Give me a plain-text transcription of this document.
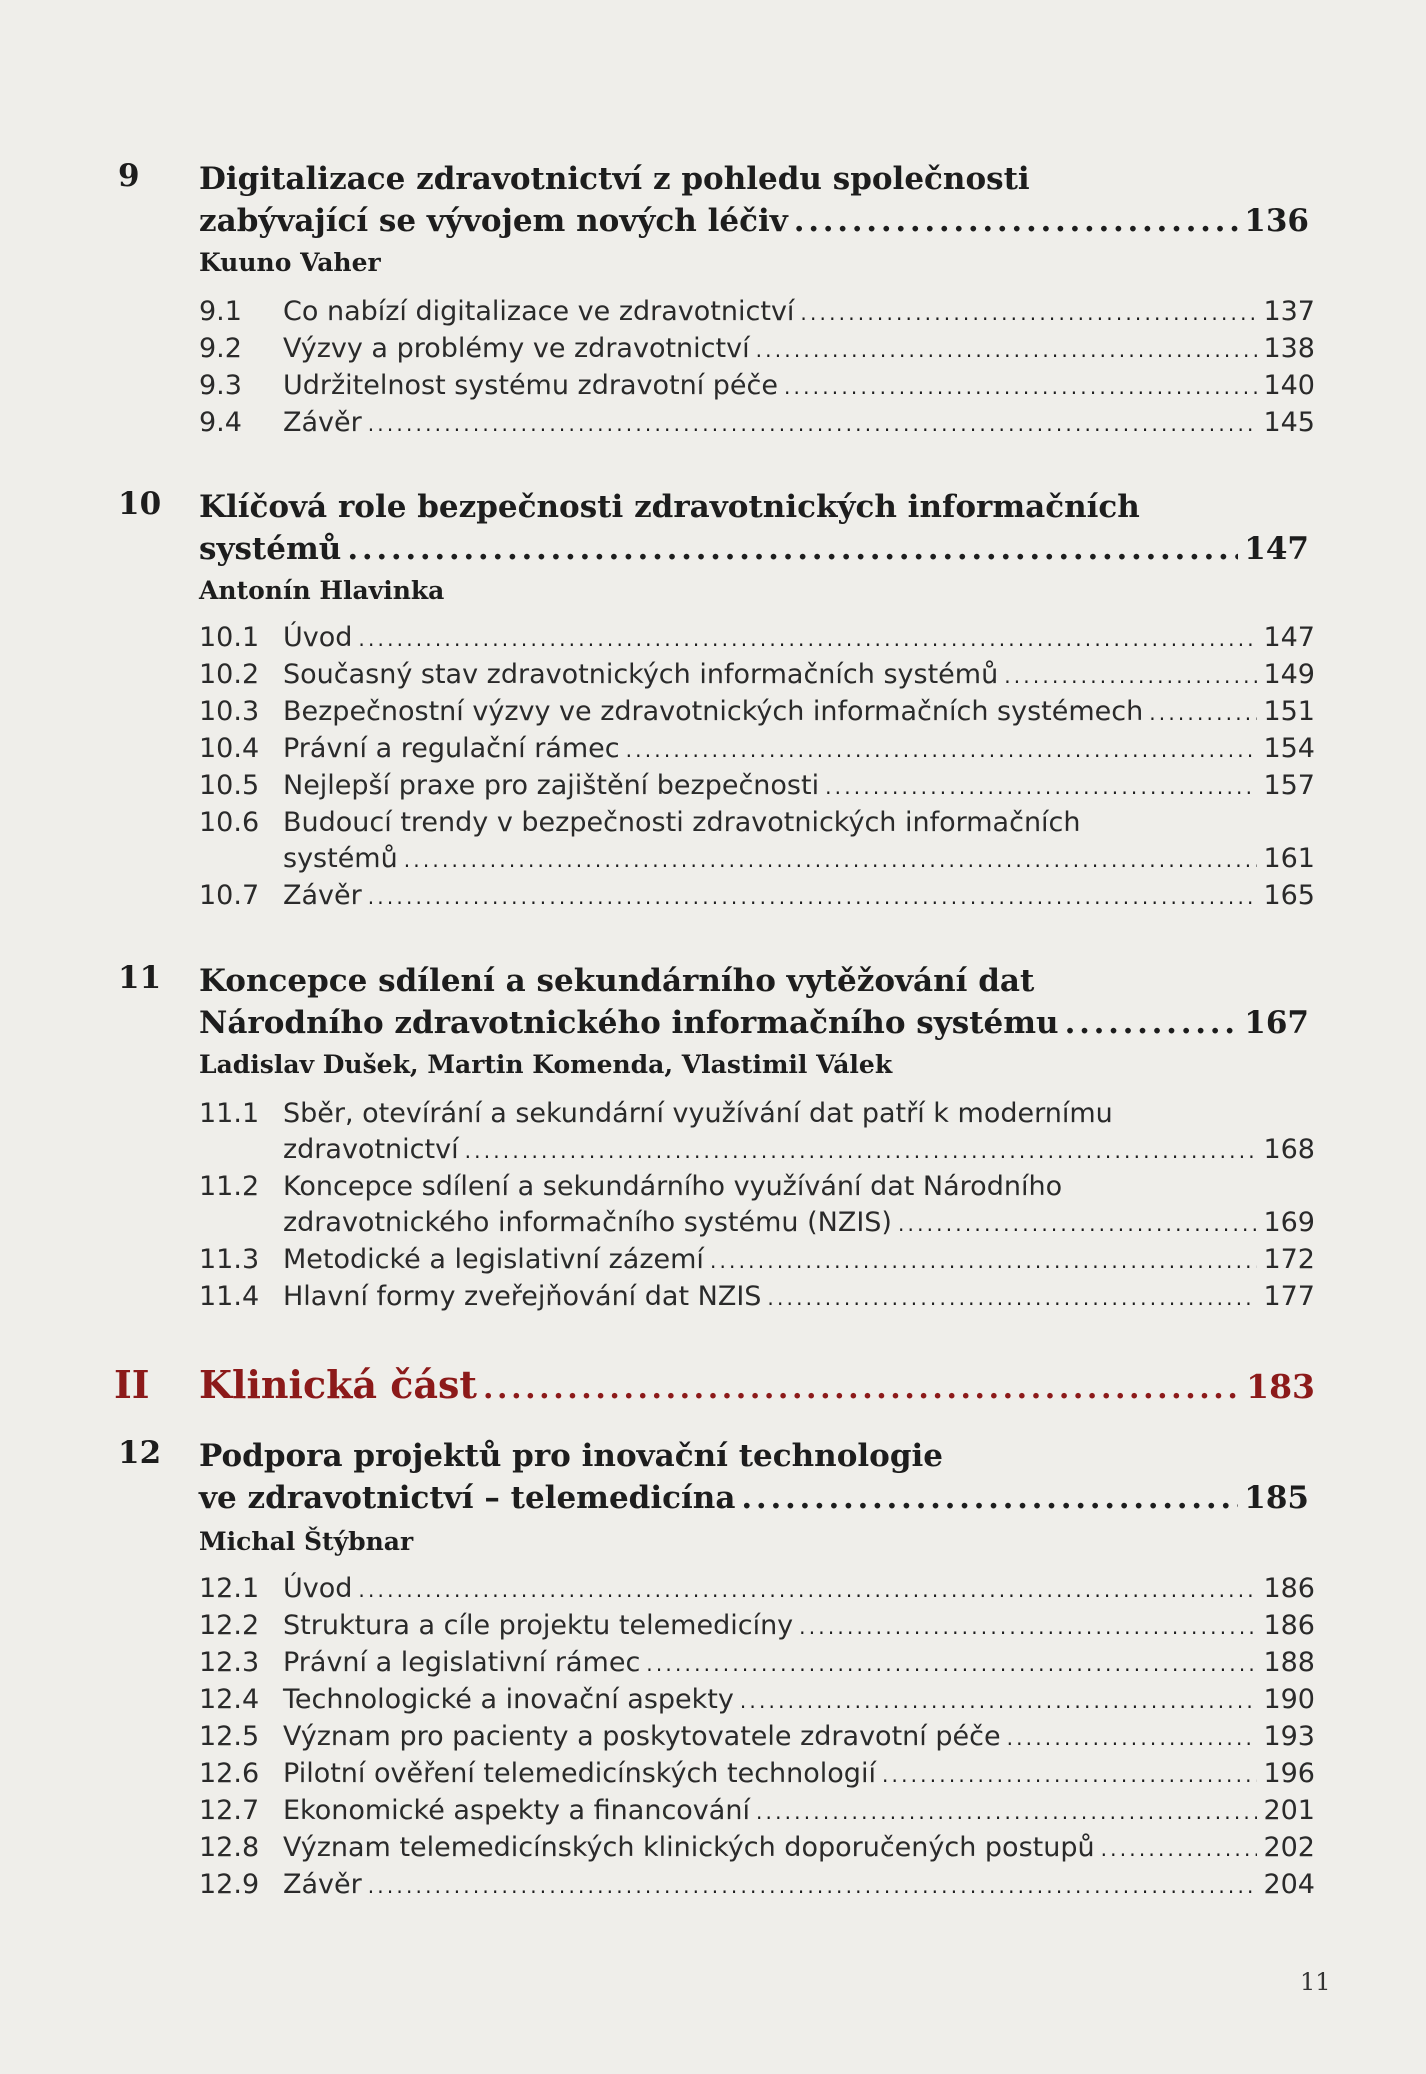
9 Digitalizace zdravotnictví z pohledu společnosti
zabývající se vývojem nových léčiv .....	136
Kuuno Vaher
9.1 Co nabízí digitalizace ve zdravotnictví .....	137
9.2 Výzvy a problémy ve zdravotnictví .....	138
9.3 Udržitelnost systému zdravotní péče .....	140
9.4 Závěr .....	145
10 Klíčová role bezpečnosti zdravotnických informačních
systémů .....	147
Antonín Hlavinka
10.1 Úvod .....	147
10.2 Současný stav zdravotnických informačních systémů .....	149
10.3 Bezpečnostní výzvy ve zdravotnických informačních systémech .....	151
10.4 Právní a regulační rámec .....	154
10.5 Nejlepší praxe pro zajištění bezpečnosti .....	157
10.6 Budoucí trendy v bezpečnosti zdravotnických informačních
systémů .....	161
10.7 Závěr .....	165
11 Koncepce sdílení a sekundárního vytěžování dat
Národního zdravotnického informačního systému .....	167
Ladislav Dušek, Martin Komenda, Vlastimil Válek
11.1 Sběr, otevírání a sekundární využívání dat patří k modernímu
zdravotnictví .....	168
11.2 Koncepce sdílení a sekundárního využívání dat Národního
zdravotnického informačního systému (NZIS) .....	169
11.3 Metodické a legislativní zázemí .....	172
11.4 Hlavní formy zveřejňování dat NZIS .....	177
II Klinická část .....	183
12 Podpora projektů pro inovační technologie
ve zdravotnictví – telemedicína .....	185
Michal Štýbnar
12.1 Úvod .....	186
12.2 Struktura a cíle projektu telemedicíny .....	186
12.3 Právní a legislativní rámec .....	188
12.4 Technologické a inovační aspekty .....	190
12.5 Význam pro pacienty a poskytovatele zdravotní péče .....	193
12.6 Pilotní ověření telemedicínských technologií .....	196
12.7 Ekonomické aspekty a financování .....	201
12.8 Význam telemedicínských klinických doporučených postupů .....	202
12.9 Závěr .....	204
11
